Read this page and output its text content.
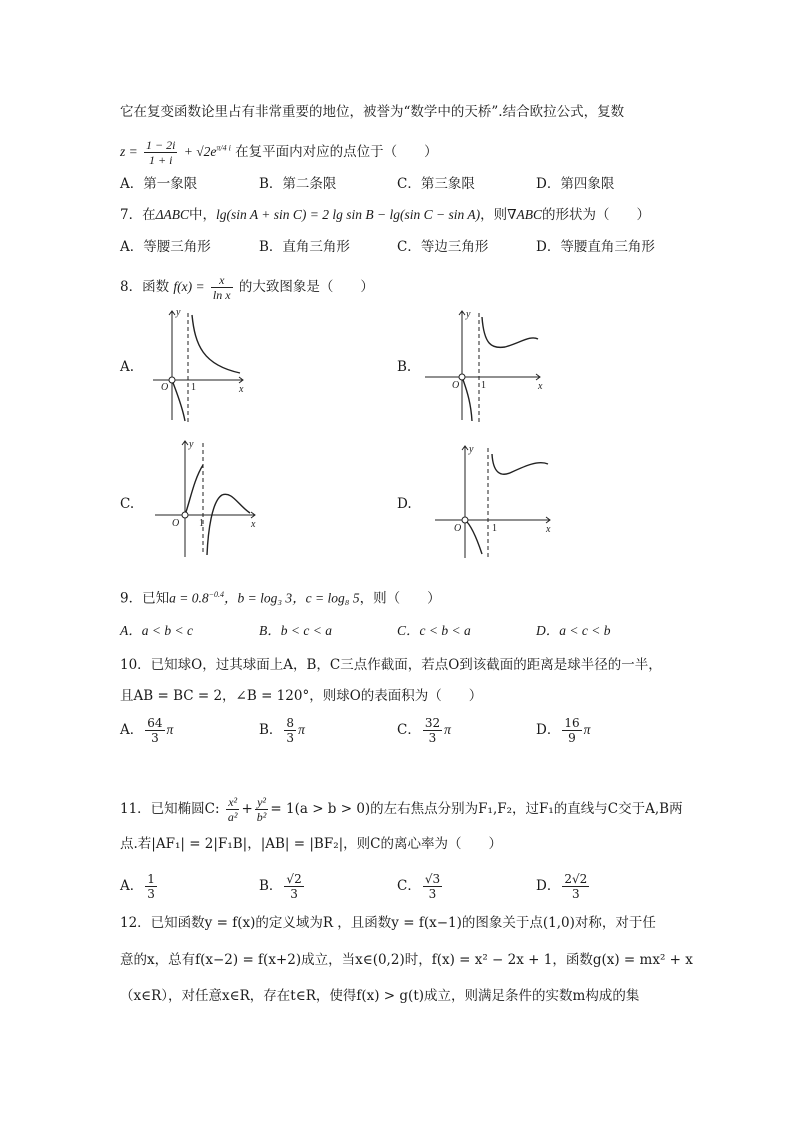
它在复变函数论里占有非常重要的地位，被誉为“数学中的天桥”.结合欧拉公式，复数
$z = \frac{1 - 2i}{1 + i} + √2e^{\pi/4 i}$ 在复平面内对应的点位于（　　）
A．第一象限	B．第二条限	C．第三象限	D．第四象限
7．在ΔABC中，lg(sin A + sin C) = 2 lg sin B − lg(sin C − sin A)，则∇ABC的形状为（　　）
A．等腰三角形	B．直角三角形	C．等边三角形	D．等腰直角三角形
8．函数 $f(x) = \frac{x}{\text{ln x}}$ 的大致图象是（　　）
A.	B.
C.	D.
y
x
O 1
y
x
O 1
y
x
O 1
y
x
O	1
9．已知$a = 0.8^{-0.4}$，b = log₃ 3，c = log₈ 5，则（　　）
A．a < b < c	B．b < c < a	C．c < b < a	D．a < c < b
10．已知球O，过其球面上A，B，C三点作截面，若点O到该截面的距离是球半径的一半，
且AB = BC = 2，∠B = 120°，则球O的表面积为（　　）
A． $\frac{64}{3}$ π	B． $\frac{8}{3}$ π	C． $\frac{32}{3}$ π	D． $\frac{16}{9}$ π
11．已知椭圆C: $\frac{\text{x²}}{\text{a²}} + \frac{\text{y²}}{\text{b²}} = 1(a > b > 0)$的左右焦点分别为F₁,F₂，过F₁的直线与C交于A,B两
点.若|AF₁| = 2|F₁B|，|AB| = |BF₂|，则C的离心率为（　　）
A． $\frac{1}{3}$	B． $\frac{√2}{3}$	C． $\frac{√3}{3}$	D． $\frac{2√2}{3}$
12．已知函数y = f(x)的定义域为R ，且函数y = f(x−1)的图象关于点(1,0)对称，对于任
意的x，总有f(x−2) = f(x+2)成立，当x∈(0,2)时，f(x) = x² − 2x + 1，函数g(x) = mx² + x
（x∈R），对任意x∈R，存在t∈R，使得f(x) > g(t)成立，则满足条件的实数m构成的集
